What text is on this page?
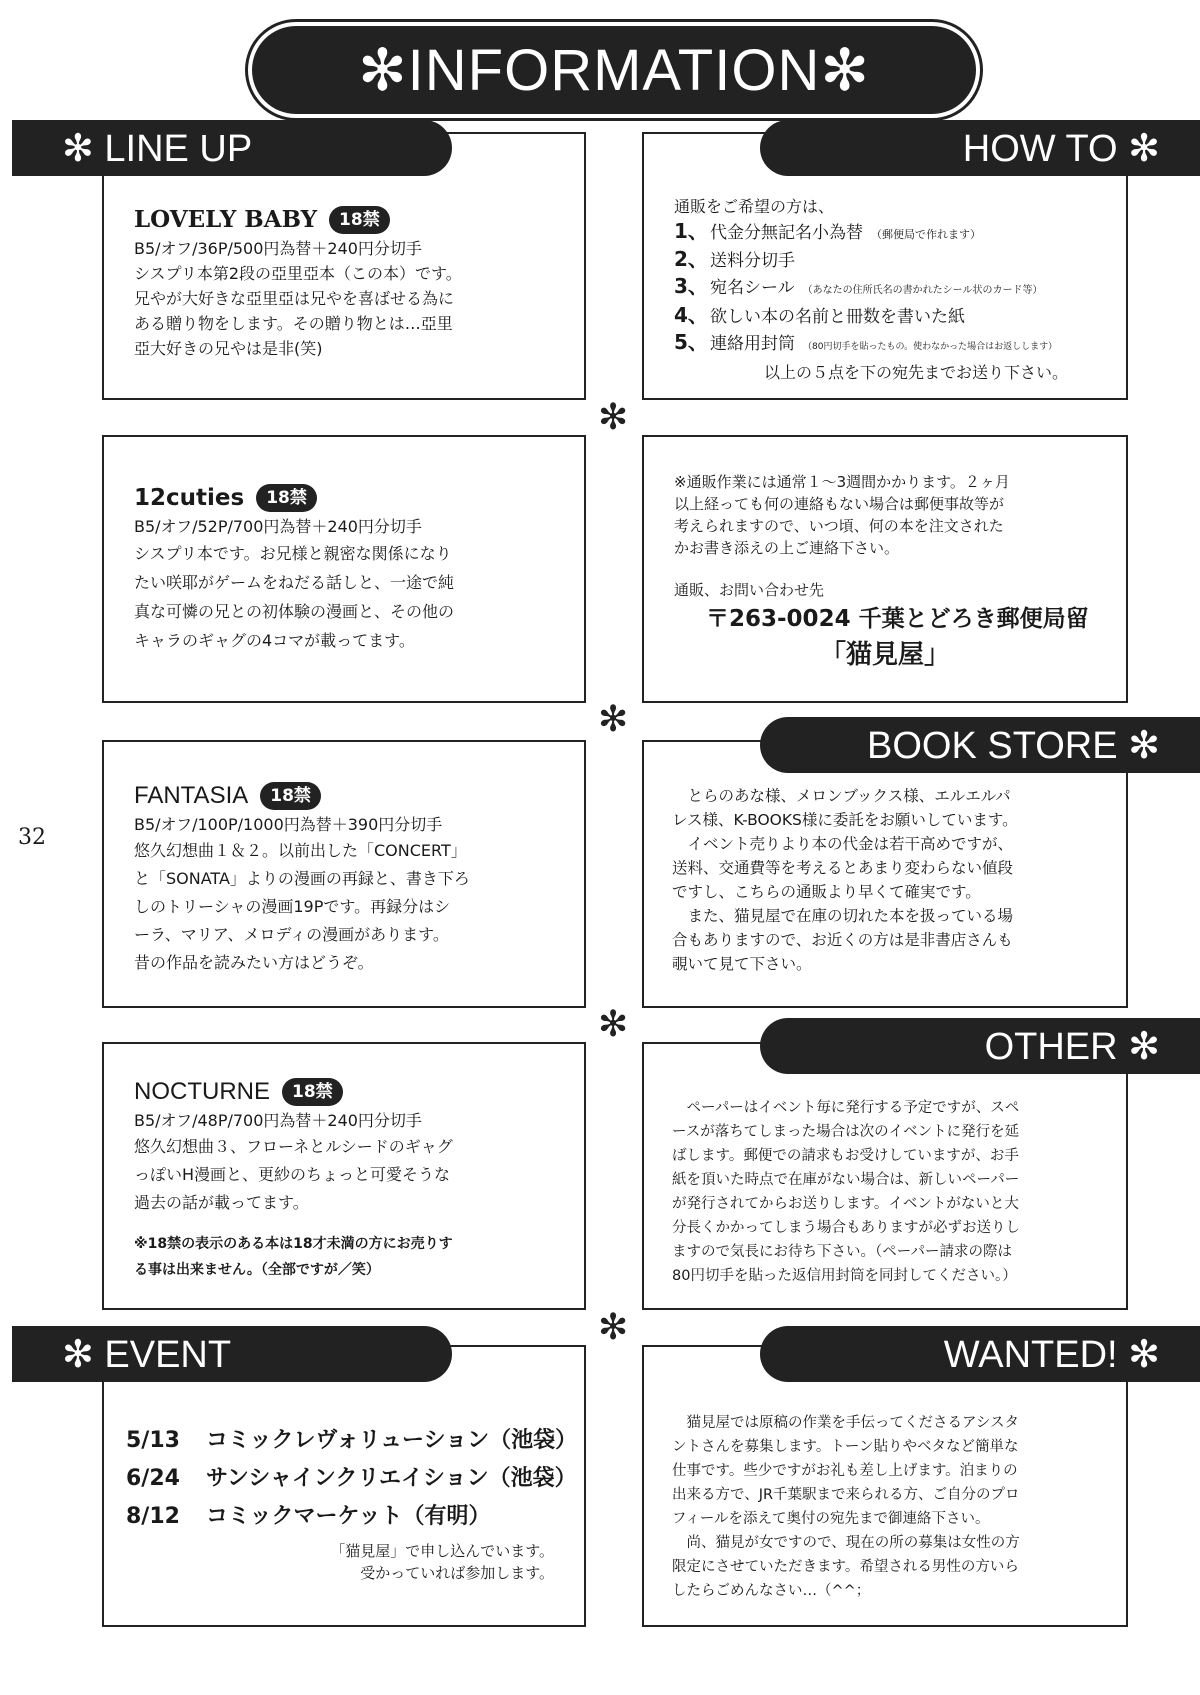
✻INFORMATION✻
32
✻ LINE UP
LOVELY BABY	18禁
B5/オフ/36P/500円為替＋240円分切手
シスプリ本第2段の亞里亞本（この本）です。
兄やが大好きな亞里亞は兄やを喜ばせる為に
ある贈り物をします。その贈り物とは…亞里
亞大好きの兄やは是非(笑)
12cuties	18禁
B5/オフ/52P/700円為替＋240円分切手
シスプリ本です。お兄様と親密な関係になり
たい咲耶がゲームをねだる話しと、一途で純
真な可憐の兄との初体験の漫画と、その他の
キャラのギャグの4コマが載ってます。
FANTASIA	18禁
B5/オフ/100P/1000円為替＋390円分切手
悠久幻想曲１＆２。以前出した「CONCERT」
と「SONATA」よりの漫画の再録と、書き下ろ
しのトリーシャの漫画19Pです。再録分はシ
ーラ、マリア、メロディの漫画があります。
昔の作品を読みたい方はどうぞ。
NOCTURNE	18禁
B5/オフ/48P/700円為替＋240円分切手
悠久幻想曲３、フローネとルシードのギャグ
っぽいH漫画と、更紗のちょっと可愛そうな
過去の話が載ってます。
※18禁の表示のある本は18才未満の方にお売りす
る事は出来ません。（全部ですが／笑）
✻ EVENT
5/13	コミックレヴォリューション（池袋）
6/24	サンシャインクリエイション（池袋）
8/12	コミックマーケット（有明）
「猫見屋」で申し込んでいます。
受かっていれば参加します。
✻
✻
✻
✻
HOW TO ✻
通販をご希望の方は、
1、 代金分無記名小為替 （郵便局で作れます）
2、 送料分切手
3、 宛名シール （あなたの住所氏名の書かれたシール状のカード等）
4、 欲しい本の名前と冊数を書いた紙
5、 連絡用封筒 （80円切手を貼ったもの。使わなかった場合はお返しします）
以上の５点を下の宛先までお送り下さい。
※通販作業には通常１～3週間かかります。２ヶ月
以上経っても何の連絡もない場合は郵便事故等が
考えられますので、いつ頃、何の本を注文された
かお書き添えの上ご連絡下さい。
通販、お問い合わせ先
〒263-0024 千葉とどろき郵便局留
「猫見屋」
BOOK STORE ✻
とらのあな様、メロンブックス様、エルエルパ
レス様、K-BOOKS様に委託をお願いしています。
イベント売りより本の代金は若干高めですが、
送料、交通費等を考えるとあまり変わらない値段
ですし、こちらの通販より早くて確実です。
また、猫見屋で在庫の切れた本を扱っている場
合もありますので、お近くの方は是非書店さんも
覗いて見て下さい。
OTHER ✻
ペーパーはイベント毎に発行する予定ですが、スペ
ースが落ちてしまった場合は次のイベントに発行を延
ばします。郵便での請求もお受けしていますが、お手
紙を頂いた時点で在庫がない場合は、新しいペーパー
が発行されてからお送りします。イベントがないと大
分長くかかってしまう場合もありますが必ずお送りし
ますので気長にお待ち下さい。（ペーパー請求の際は
80円切手を貼った返信用封筒を同封してください。）
WANTED! ✻
猫見屋では原稿の作業を手伝ってくださるアシスタ
ントさんを募集します。トーン貼りやベタなど簡単な
仕事です。些少ですがお礼も差し上げます。泊まりの
出来る方で、JR千葉駅まで来られる方、ご自分のプロ
フィールを添えて奥付の宛先まで御連絡下さい。
尚、猫見が女ですので、現在の所の募集は女性の方
限定にさせていただきます。希望される男性の方いら
したらごめんなさい…（^^；
